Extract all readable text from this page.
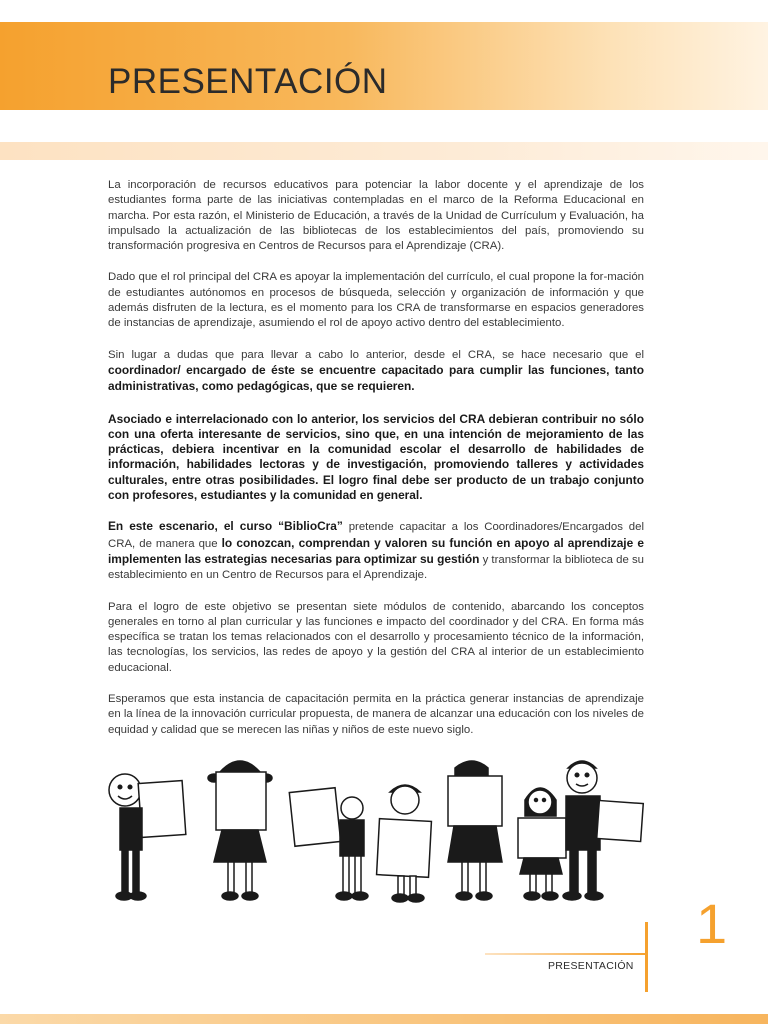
PRESENTACIÓN

La incorporación de recursos educativos para potenciar la labor docente y el aprendizaje de los estudiantes forma parte de las iniciativas contempladas en el marco de la Reforma Educacional en marcha. Por esta razón, el Ministerio de Educación, a través de la Unidad de Currículum y Evaluación, ha impulsado la actualización de las bibliotecas de los establecimientos del país, promoviendo su transformación progresiva en Centros de Recursos para el Aprendizaje (CRA).

Dado que el rol principal del CRA es apoyar la implementación del currículo, el cual propone la for-mación de estudiantes autónomos en procesos de búsqueda, selección y organización de información y que además disfruten de la lectura, es el momento para los CRA de transformarse en espacios generadores de instancias de aprendizaje, asumiendo el rol de apoyo activo dentro del establecimiento.

Sin lugar a dudas que para llevar a cabo lo anterior, desde el CRA, se hace necesario que el coordinador/ encargado de éste se encuentre capacitado para cumplir las funciones, tanto administrativas, como pedagógicas, que se requieren.

Asociado e interrelacionado con lo anterior, los servicios del CRA debieran contribuir no sólo con una oferta interesante de servicios, sino que, en una intención de mejoramiento de las prácticas, debiera incentivar en la comunidad escolar el desarrollo de habilidades de información, habilidades lectoras y de investigación, promoviendo talleres y actividades culturales, entre otras posibilidades. El logro final debe ser producto de un trabajo conjunto con profesores, estudiantes y la comunidad en general.

En este escenario, el curso “BiblioCra” pretende capacitar a los Coordinadores/Encargados del CRA, de manera que lo conozcan, comprendan y valoren su función en apoyo al aprendizaje e implementen las estrategias necesarias para optimizar su gestión y transformar la biblioteca de su establecimiento en un Centro de Recursos para el Aprendizaje.

Para el logro de este objetivo se presentan siete módulos de contenido, abarcando los conceptos generales en torno al plan curricular y las funciones e impacto del coordinador y del CRA. En forma más específica se tratan los temas relacionados con el desarrollo y procesamiento técnico de la información, las tecnologías, los servicios, las redes de apoyo y la gestión del CRA al interior de un establecimiento educacional.

Esperamos que esta instancia de capacitación permita en la práctica generar instancias de aprendizaje en la línea de la innovación curricular propuesta, de manera de alcanzar una educación con los niveles de equidad y calidad que se merecen las niñas y niños de este nuevo siglo.

1
PRESENTACIÓN
